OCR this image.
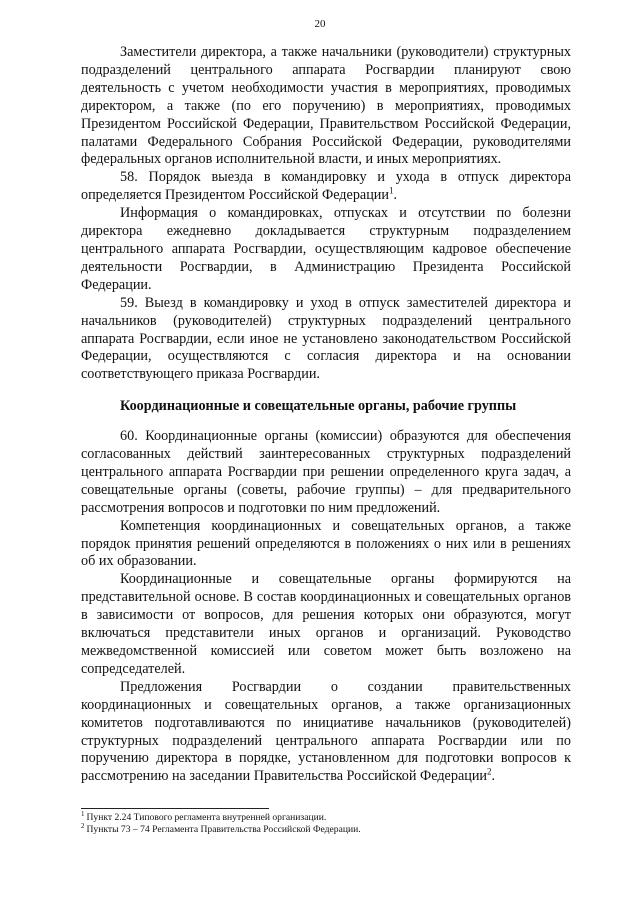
20

Заместители директора, а также начальники (руководители) структурных подразделений центрального аппарата Росгвардии планируют свою деятельность с учетом необходимости участия в мероприятиях, проводимых директором, а также (по его поручению) в мероприятиях, проводимых Президентом Российской Федерации, Правительством Российской Федерации, палатами Федерального Собрания Российской Федерации, руководителями федеральных органов исполнительной власти, и иных мероприятиях.

58. Порядок выезда в командировку и ухода в отпуск директора определяется Президентом Российской Федерации$^1$.

Информация о командировках, отпусках и отсутствии по болезни директора ежедневно докладывается структурным подразделением центрального аппарата Росгвардии, осуществляющим кадровое обеспечение деятельности Росгвардии, в Администрацию Президента Российской Федерации.

59. Выезд в командировку и уход в отпуск заместителей директора и начальников (руководителей) структурных подразделений центрального аппарата Росгвардии, если иное не установлено законодательством Российской Федерации, осуществляются с согласия директора и на основании соответствующего приказа Росгвардии.

Координационные и совещательные органы, рабочие группы

60. Координационные органы (комиссии) образуются для обеспечения согласованных действий заинтересованных структурных подразделений центрального аппарата Росгвардии при решении определенного круга задач, а совещательные органы (советы, рабочие группы) – для предварительного рассмотрения вопросов и подготовки по ним предложений.

Компетенция координационных и совещательных органов, а также порядок принятия решений определяются в положениях о них или в решениях об их образовании.

Координационные и совещательные органы формируются на представительной основе. В состав координационных и совещательных органов в зависимости от вопросов, для решения которых они образуются, могут включаться представители иных органов и организаций. Руководство межведомственной комиссией или советом может быть возложено на сопредседателей.

Предложения Росгвардии о создании правительственных координационных и совещательных органов, а также организационных комитетов подготавливаются по инициативе начальников (руководителей) структурных подразделений центрального аппарата Росгвардии или по поручению директора в порядке, установленном для подготовки вопросов к рассмотрению на заседании Правительства Российской Федерации$^2$.

$^1$ Пункт 2.24 Типового регламента внутренней организации.

$^2$ Пункты 73 – 74 Регламента Правительства Российской Федерации.
